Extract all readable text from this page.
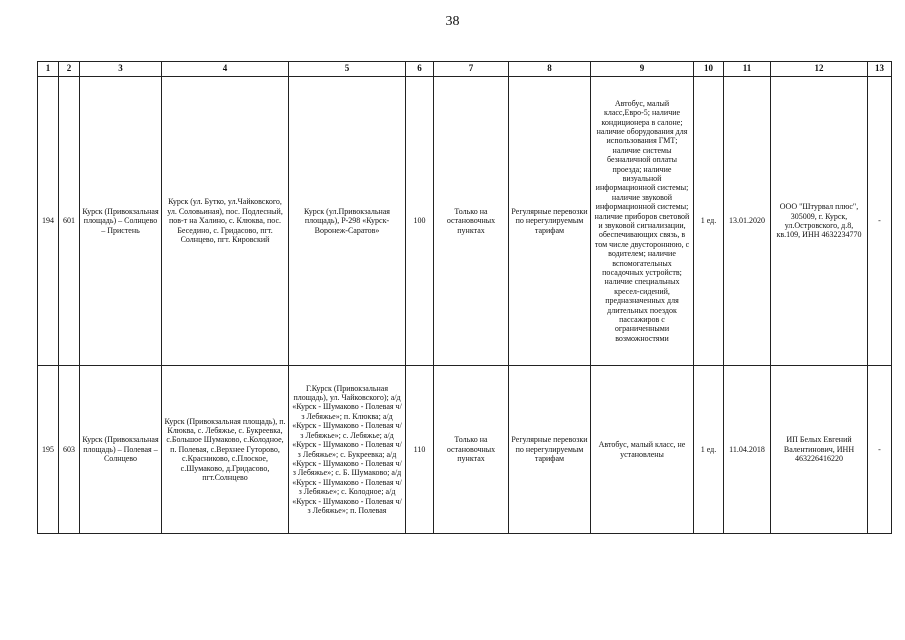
38
1	2	3	4	5	6	7	8	9	10	11	12	13
194	601	Курск (Привокзальная площадь) – Солнцево – Пристень	Курск (ул. Бутко, ул.Чайковского, ул. Соловьиная), пос. Подлесный, пов-т на Халино, с. Клюква, пос. Беседино, с. Гридасово, пгт. Солнцево, пгт. Кировский	Курск (ул.Привокзальная площадь), Р-298 «Курск-Воронеж-Саратов»	100	Только на остановочных пунктах	Регулярные перевозки по нерегулируемым тарифам	Автобус, малый класс,Евро-5; наличие кондиционера в салоне; наличие оборудования для использования ГМТ; наличие системы безналичной оплаты проезда; наличие визуальной информационной системы; наличие звуковой информационной системы; наличие приборов световой и звуковой сигнализации, обеспечивающих связь, в том числе двустороннюю, с водителем; наличие вспомогательных посадочных устройств; наличие специальных кресел-сидений, предназначенных для длительных поездок пассажиров с ограниченными возможностями	1 ед.	13.01.2020	ООО "Штурвал плюс", 305009, г. Курск, ул.Островского, д.8, кв.109, ИНН 4632234770	-
195	603	Курск (Привокзальная площадь) – Полевая – Солнцево	Курск (Привокзальная площадь), п. Клюква, с. Лебяжье, с. Букреевка, с.Большое Шумаково, с.Колодное, п. Полевая, с.Верхнее Гуторово, с.Красниково, с.Плоское, с.Шумаково, д.Гридасово, пгт.Солнцево	Г.Курск (Привокзальная площадь), ул. Чайковского); а/д «Курск - Шумаково - Полевая ч/з Лебяжье»; п. Клюква; а/д «Курск - Шумаково - Полевая ч/з Лебяжье»; с. Лебяжье; а/д «Курск - Шумаково - Полевая ч/з Лебяжье»; с. Букреевка; а/д «Курск - Шумаково - Полевая ч/з Лебяжье»; с. Б. Шумаково; а/д «Курск - Шумаково - Полевая ч/з Лебяжье»; с. Колодное; а/д «Курск - Шумаково - Полевая ч/з Лебяжье»; п. Полевая	110	Только на остановочных пунктах	Регулярные перевозки по нерегулируемым тарифам	Автобус, малый класс, не установлены	1 ед.	11.04.2018	ИП Белых Евгений Валентинович, ИНН 463226416220	-
